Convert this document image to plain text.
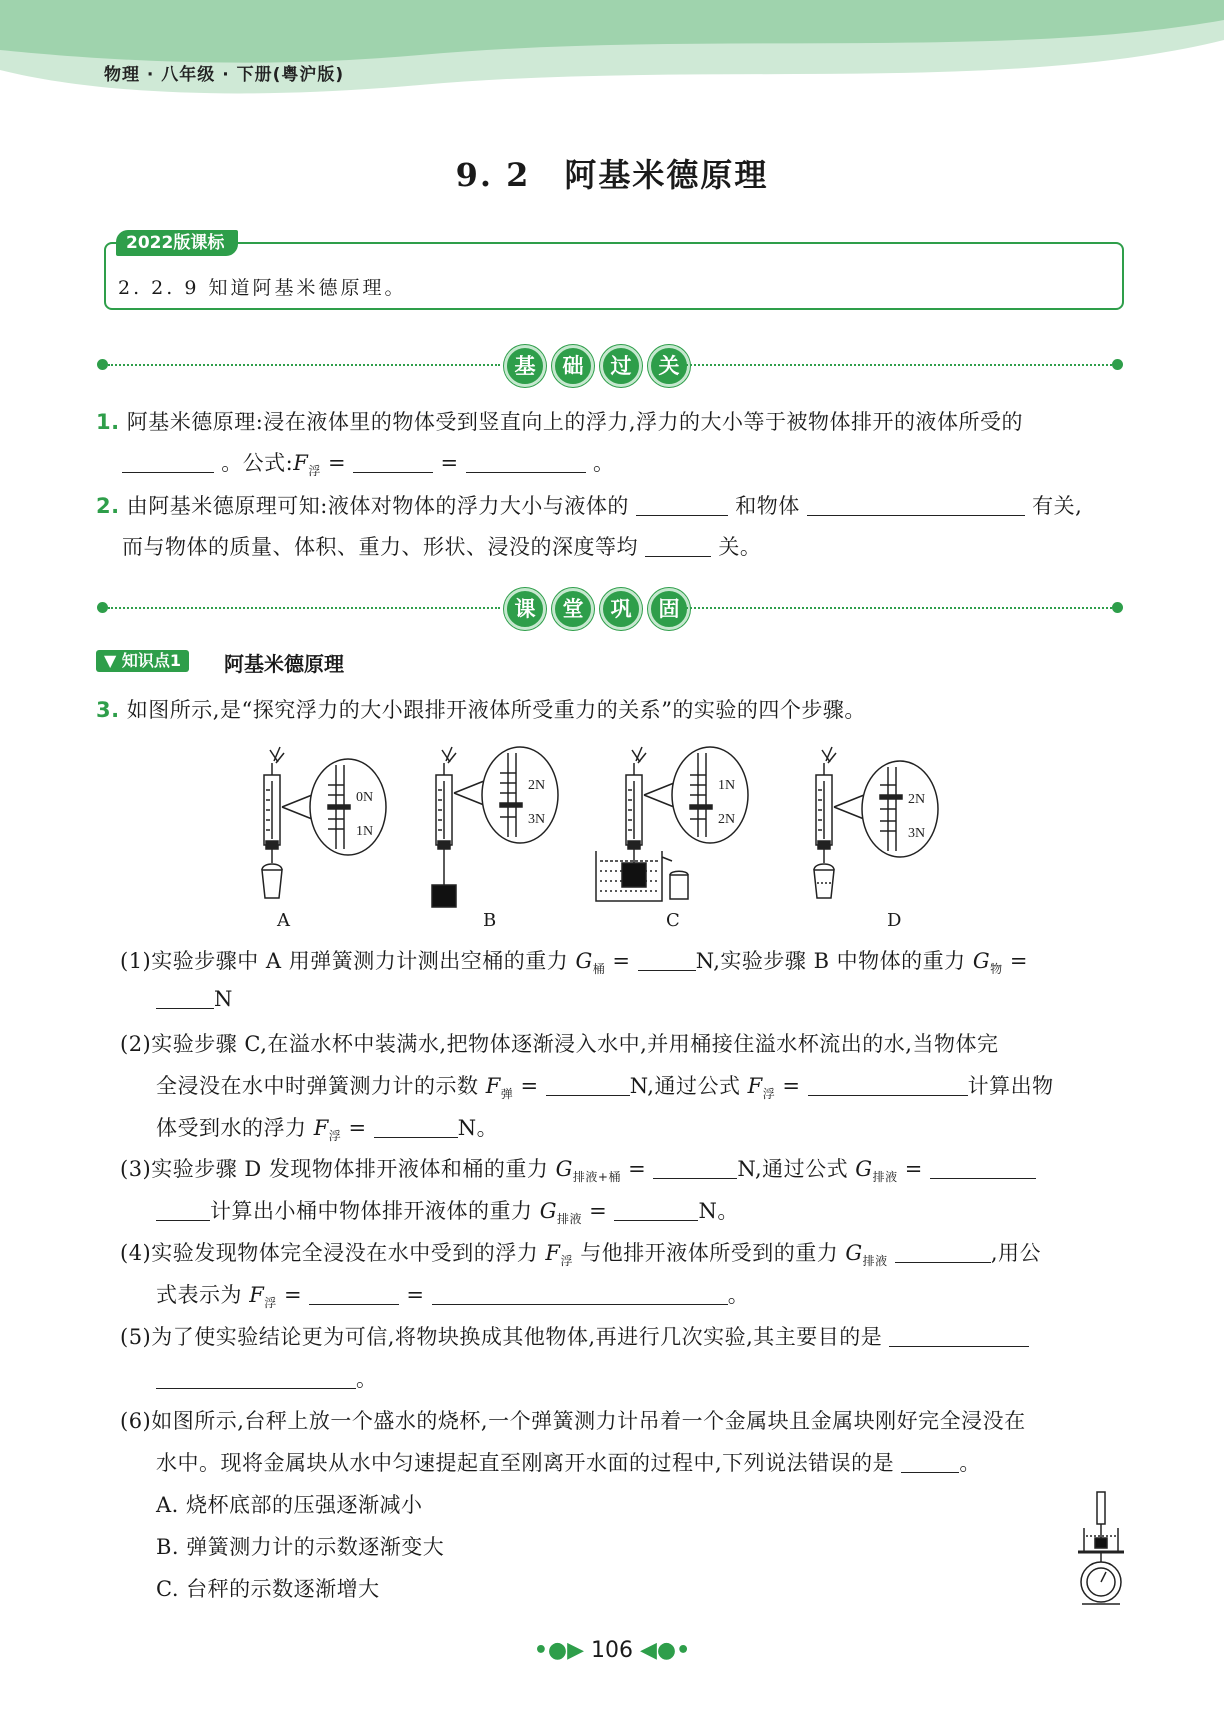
物理 · 八年级 · 下册(粤沪版)
9. 2　阿基米德原理
2022版课标
2. 2. 9 知道阿基米德原理。
基	础	过	关
1. 阿基米德原理:浸在液体里的物体受到竖直向上的浮力,浮力的大小等于被物体排开的液体所受的
。公式$:F_浮$ =	=	。
2. 由阿基米德原理可知:液体对物体的浮力大小与液体的	和物体	有关,
而与物体的质量、体积、重力、形状、浸没的深度等均	关。
课	堂	巩	固
▼ 知识点1	阿基米德原理
3. 如图所示,是“探究浮力的大小跟排开液体所受重力的关系”的实验的四个步骤。
0N
1N
2N
3N
1N
2N
2N
3N
A	B	C	D
(1)实验步骤中 A 用弹簧测力计测出空桶的重力 $G_桶$ =	N,实验步骤 B 中物体的重力 $G_物$ =
N
(2)实验步骤 C,在溢水杯中装满水,把物体逐渐浸入水中,并用桶接住溢水杯流出的水,当物体完
全浸没在水中时弹簧测力计的示数 $F_弹$ =	N,通过公式 $F_浮$ =	计算出物
体受到水的浮力 $F_浮$ =	N。
(3)实验步骤 D 发现物体排开液体和桶的重力 $G_{排液+桶}$ =	N,通过公式 $G_{排液}$ =
计算出小桶中物体排开液体的重力 $G_{排液}$ =	N。
(4)实验发现物体完全浸没在水中受到的浮力 $F_浮$ 与他排开液体所受到的重力 $G_{排液}$	,用公
式表示为 $F_浮$ =	=	。
(5)为了使实验结论更为可信,将物块换成其他物体,再进行几次实验,其主要目的是
。
(6)如图所示,台秤上放一个盛水的烧杯,一个弹簧测力计吊着一个金属块且金属块刚好完全浸没在
水中。现将金属块从水中匀速提起直至刚离开水面的过程中,下列说法错误的是	。
A. 烧杯底部的压强逐渐减小
B. 弹簧测力计的示数逐渐变大
C. 台秤的示数逐渐增大
•●▶ 106 ◀●•
